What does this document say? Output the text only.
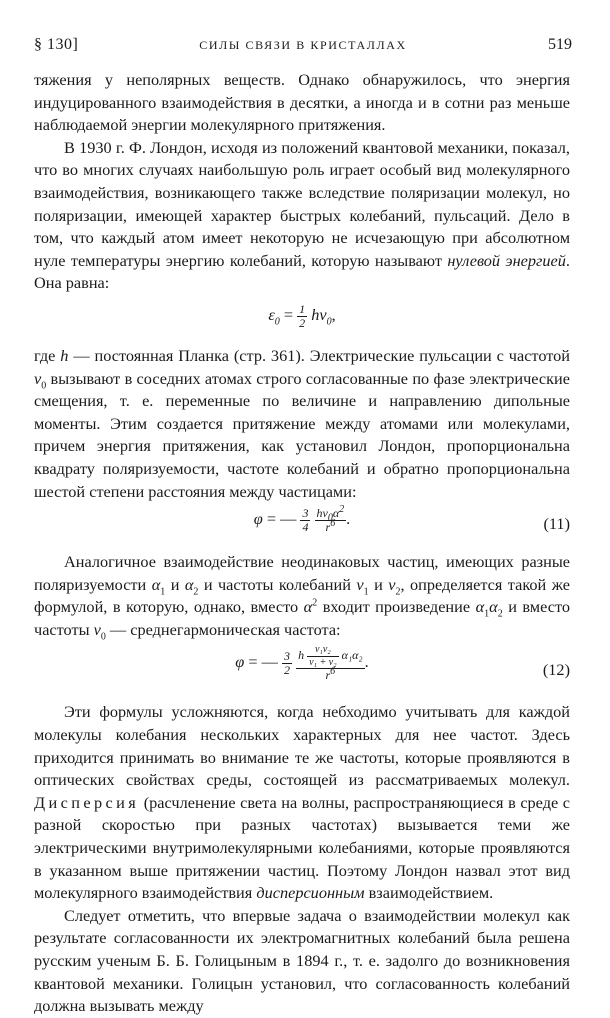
§ 130]	СИЛЫ СВЯЗИ В КРИСТАЛЛАХ	519

тяжения у неполярных веществ. Однако обнаружилось, что энергия индуцированного взаимодействия в десятки, а иногда и в сотни раз меньше наблюдаемой энергии молекулярного притяжения.

В 1930 г. Ф. Лондон, исходя из положений квантовой механики, показал, что во многих случаях наибольшую роль играет особый вид молекулярного взаимодействия, возникающего также вследствие поляризации молекул, но поляризации, имеющей характер быстрых колебаний, пульсаций. Дело в том, что каждый атом имеет некоторую не исчезающую при абсолютном нуле температуры энергию колебаний, которую называют нулевой энергией. Она равна:

$\varepsilon_0 = \frac{1}{2} h\nu_0$,

где h — постоянная Планка (стр. 361). Электрические пульсации с частотой $\nu_0$ вызывают в соседних атомах строго согласованные по фазе электрические смещения, т. е. переменные по величине и направлению дипольные моменты. Этим создается притяжение между атомами или молекулами, причем энергия притяжения, как установил Лондон, пропорциональна квадрату поляризуемости, частоте колебаний и обратно пропорциональна шестой степени расстояния между частицами:

φ = — $\frac{3}{4}$
$\frac{h\nu_0\alpha^2}{r^6}$ .	(11)

Аналогичное взаимодействие неодинаковых частиц, имеющих разные поляризуемости $\alpha_1$ и $\alpha_2$ и частоты колебаний $\nu_1$ и $\nu_2$, определяется такой же формулой, в которую, однако, вместо $\alpha^2$ входит произведение $\alpha_1\alpha_2$ и вместо частоты $\nu_0$ — среднегармоническая частота:

φ = — $\frac{3}{2}$
$\frac{h \frac{\text{ν₁ν₂}}{\text{ν₁ + ν₂}} \alpha_1\alpha_2}{r^6}$ .	(12)

Эти формулы усложняются, когда небходимо учитывать для каждой молекулы колебания нескольких характерных для нее частот. Здесь приходится принимать во внимание те же частоты, которые проявляются в оптических свойствах среды, состоящей из рассматриваемых молекул. Дисперсия (расчленение света на волны, распространяющиеся в среде с разной скоростью при разных частотах) вызывается теми же электрическими внутримолекулярными колебаниями, которые проявляются в указанном выше притяжении частиц. Поэтому Лондон назвал этот вид молекулярного взаимодействия дисперсионным взаимодействием.

Следует отметить, что впервые задача о взаимодействии молекул как результате согласованности их электромагнитных колебаний была решена русским ученым Б. Б. Голицыным в 1894 г., т. е. задолго до возникновения квантовой механики. Голицын установил, что согласованность колебаний должна вызывать между
